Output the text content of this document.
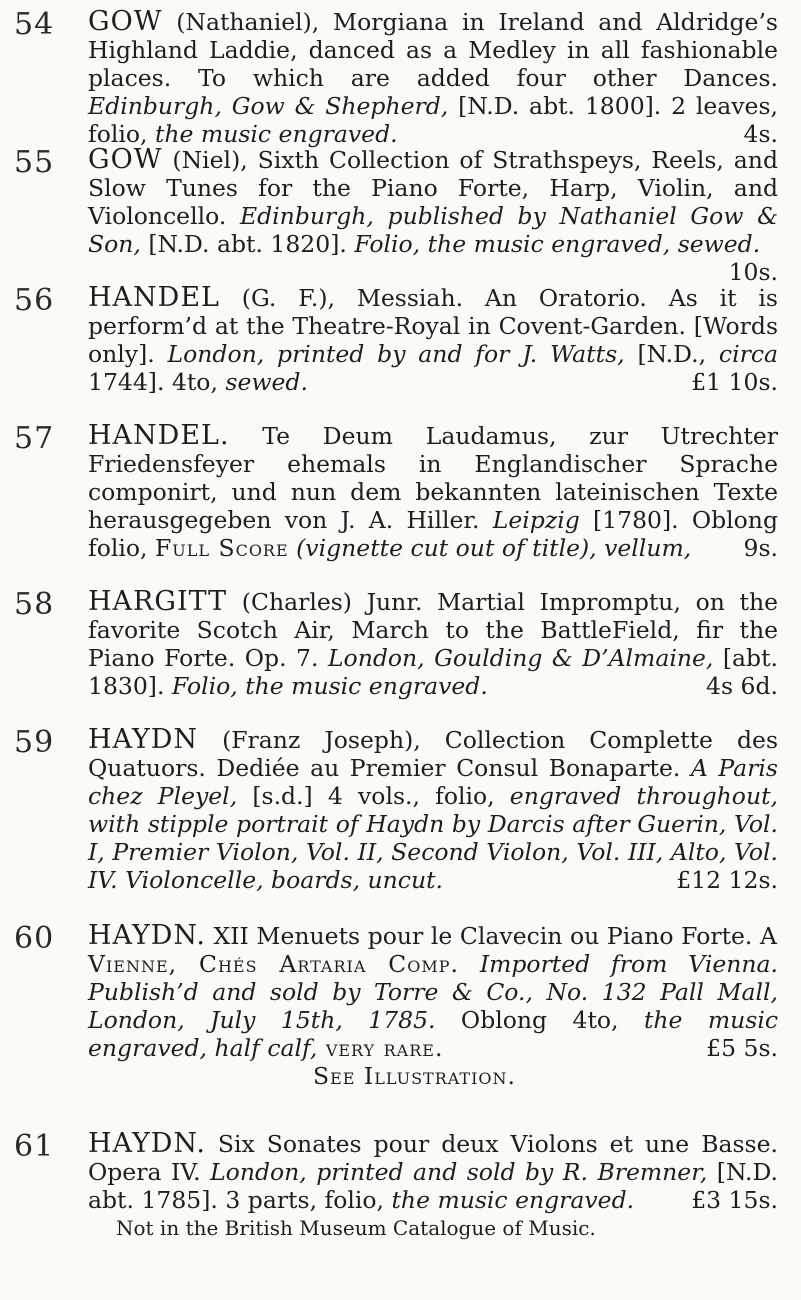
54 GOW (Nathaniel), Morgiana in Ireland and Aldridge’s Highland Laddie, danced as a Medley in all fashionable places. To which are added four other Dances. Edinburgh, Gow & Shepherd, [N.D. abt. 1800]. 2 leaves, folio, the music engraved.	4s.
55 GOW (Niel), Sixth Collection of Strathspeys, Reels, and Slow Tunes for the Piano Forte, Harp, Violin, and Violoncello. Edinburgh, published by Nathaniel Gow & Son, [N.D. abt. 1820]. Folio, the music engraved, sewed.
10s.
56 HANDEL (G. F.), Messiah. An Oratorio. As it is perform’d at the Theatre-Royal in Covent-Garden. [Words only]. London, printed by and for J. Watts, [N.D., circa 1744]. 4to, sewed.	£1 10s.
57 HANDEL. Te Deum Laudamus, zur Utrechter Friedensfeyer ehemals in Englandischer Sprache componirt, und nun dem bekannten lateinischen Texte herausgegeben von J. A. Hiller. Leipzig [1780]. Oblong folio, Full Score (vignette cut out of title), vellum, 9s.
58 HARGITT (Charles) Junr. Martial Impromptu, on the favorite Scotch Air, March to the BattleField, fir the Piano Forte. Op. 7. London, Goulding & D’Almaine, [abt. 1830]. Folio, the music engraved.	4s 6d.
59 HAYDN (Franz Joseph), Collection Complette des Quatuors. Dediée au Premier Consul Bonaparte. A Paris chez Pleyel, [s.d.] 4 vols., folio, engraved throughout, with stipple portrait of Haydn by Darcis after Guerin, Vol. I, Premier Violon, Vol. II, Second Violon, Vol. III, Alto, Vol. IV. Violoncelle, boards, uncut.	£12 12s.
60 HAYDN. XII Menuets pour le Clavecin ou Piano Forte. A Vienne, Chés Artaria Comp. Imported from Vienna. Publish’d and sold by Torre & Co., No. 132 Pall Mall, London, July 15th, 1785. Oblong 4to, the music engraved, half calf, very rare.	£5 5s.
See Illustration.
61 HAYDN. Six Sonates pour deux Violons et une Basse. Opera IV. London, printed and sold by R. Bremner, [N.D. abt. 1785]. 3 parts, folio, the music engraved. £3 15s.
Not in the British Museum Catalogue of Music.
